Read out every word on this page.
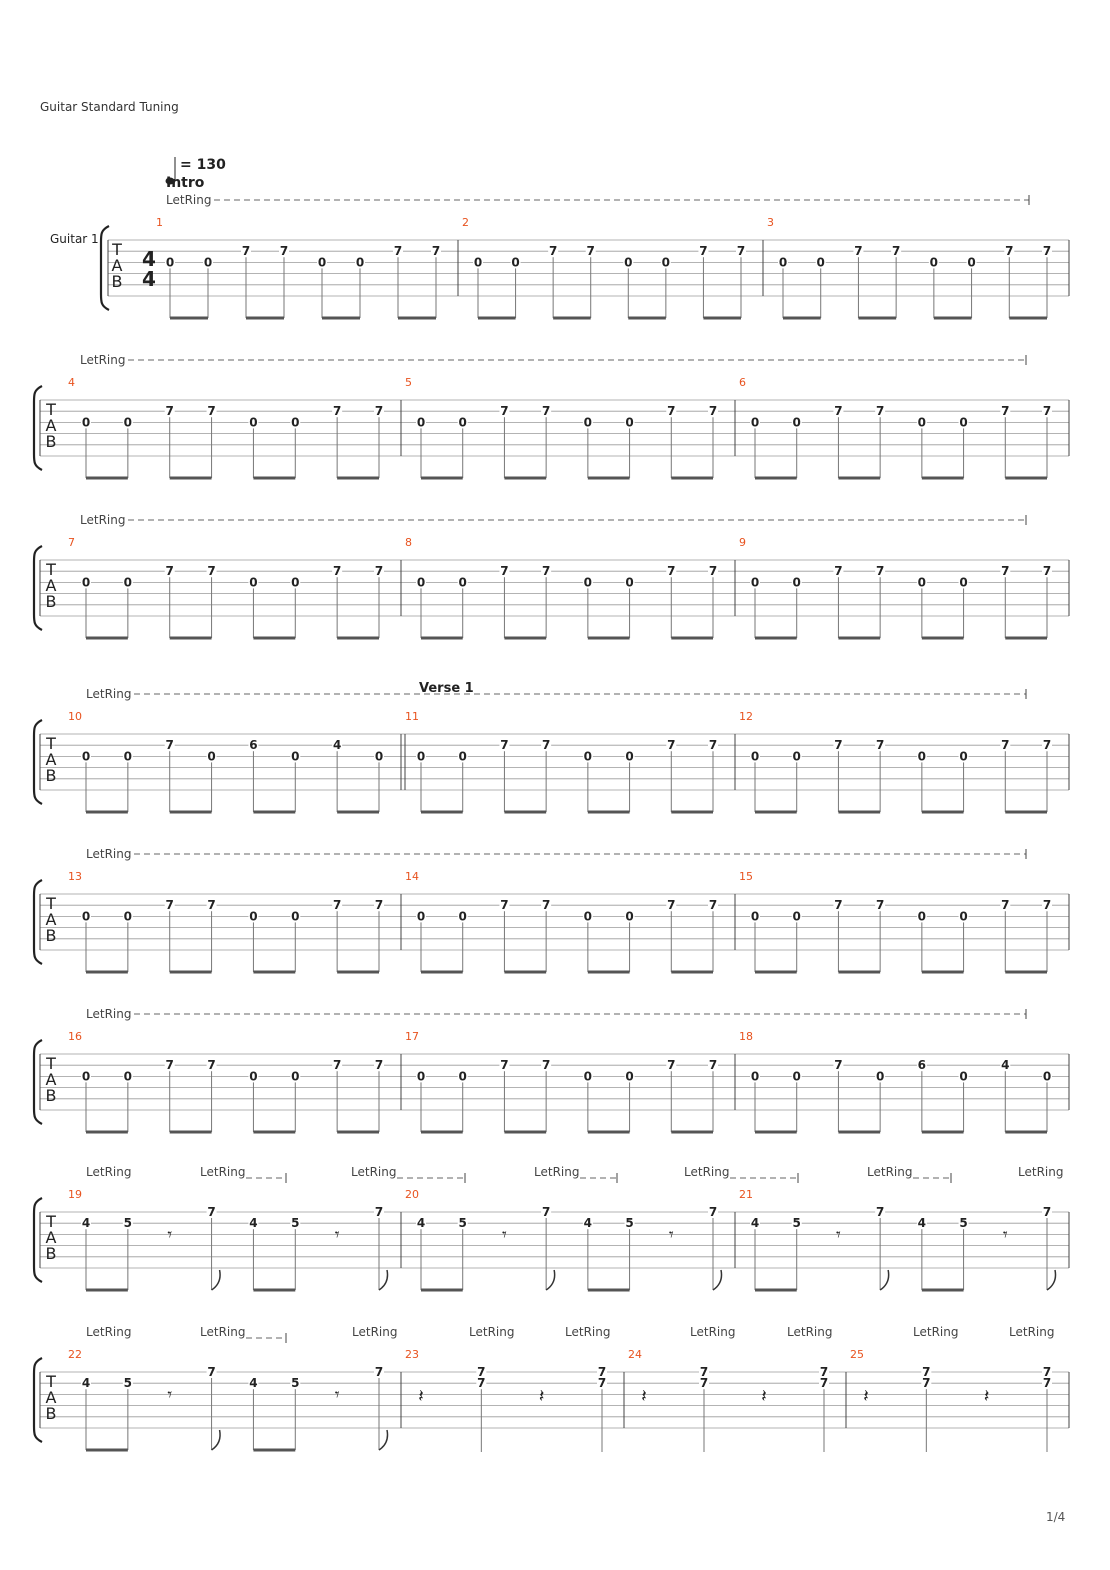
Guitar Standard Tuning
T
A
B
Guitar 1
4
4
= 130
1
0 0
7 7
0 0
7 7
2
0 0
7 7
0 0
7 7
3
0 0
7 7
0 0
7 7
LetRing
T
A
B
4
0	0
7	7
0	0
7	7
5
0	0
7	7
0	0
7	7
6
0	0
7	7
0	0
7	7
LetRing
T
A
B
7
0	0
7	7
0	0
7	7
8
0	0
7	7
0	0
7	7
9
0	0
7	7
0	0
7	7
LetRing
T
A
B
10
0	0
7
0
6
0
4
0
11
0	0
7	7
0	0
7	7
12
0	0
7	7
0	0
7	7
LetRing
T
A
B
13
0	0
7	7
0	0
7	7
14
0	0
7	7
0	0
7	7
15
0	0
7	7
0	0
7	7
LetRing
T
A
B
16
0	0
7	7
0	0
7	7
17
0	0
7	7
0	0
7	7
18
0	0
7
0
6
0
4
0
LetRing
T
A
B
19
4	5
𝄾
7
4	5
𝄾
7
20
4	5
𝄾
7
4	5
𝄾
7
21
4	5
𝄾
7
4	5
𝄾
7
LetRing	LetRing	LetRing	LetRing	LetRing	LetRing	LetRing
T
A
B
22
4	5
𝄾
7
4	5
𝄾
7
23
𝄽
7
7
𝄽
7
7
24
𝄽
7
7
𝄽
7
7
25
𝄽
7
7
𝄽
7
7
LetRing	LetRing	LetRing	LetRing	LetRing	LetRing	LetRing	LetRing	LetRing
Intro
Verse 1
1/4
